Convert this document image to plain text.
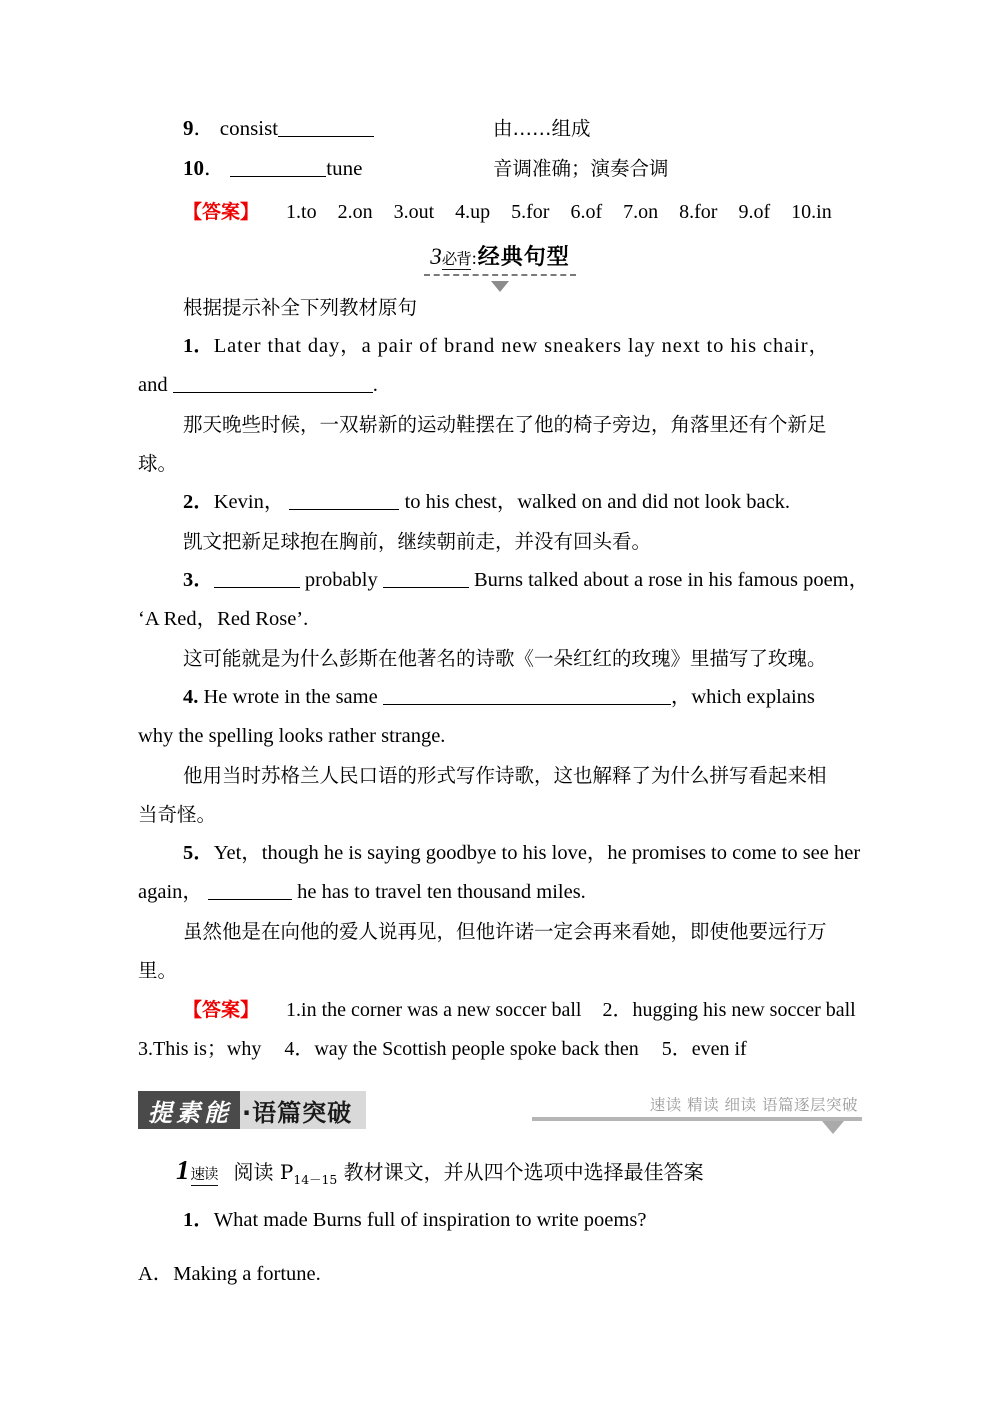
9． consist	由……组成
10．	tune	音调准确；演奏合调
【答案】 1.to 2.on 3.out 4.up 5.for 6.of 7.on 8.for 9.of 10.in
3必背:经典句型
根据提示补全下列教材原句
1．Later that day，a pair of brand new sneakers lay next to his chair，
and	.
那天晚些时候，一双崭新的运动鞋摆在了他的椅子旁边，角落里还有个新足
球。
2．Kevin，	to his chest，walked on and did not look back.
凯文把新足球抱在胸前，继续朝前走，并没有回头看。
3．	probably	Burns talked about a rose in his famous poem，
‘A Red，Red Rose’.
这可能就是为什么彭斯在他著名的诗歌《一朵红红的玫瑰》里描写了玫瑰。
4. He wrote in the same	，which explains
why the spelling looks rather strange.
他用当时苏格兰人民口语的形式写作诗歌，这也解释了为什么拼写看起来相
当奇怪。
5．Yet，though he is saying goodbye to his love，he promises to come to see her
again，	he has to travel ten thousand miles.
虽然他是在向他的爱人说再见，但他许诺一定会再来看她，即使他要远行万
里。
【答案】 1.in the corner was a new soccer ball 2．hugging his new soccer ball
3.This is；why 4．way the Scottish people spoke back then 5．even if
提素能 ·语篇突破	速读 精读 细读 语篇逐层突破
1 速读 阅读 $P_{14-15}$ 教材课文，并从四个选项中选择最佳答案
1．What made Burns full of inspiration to write poems?
A．Making a fortune.
